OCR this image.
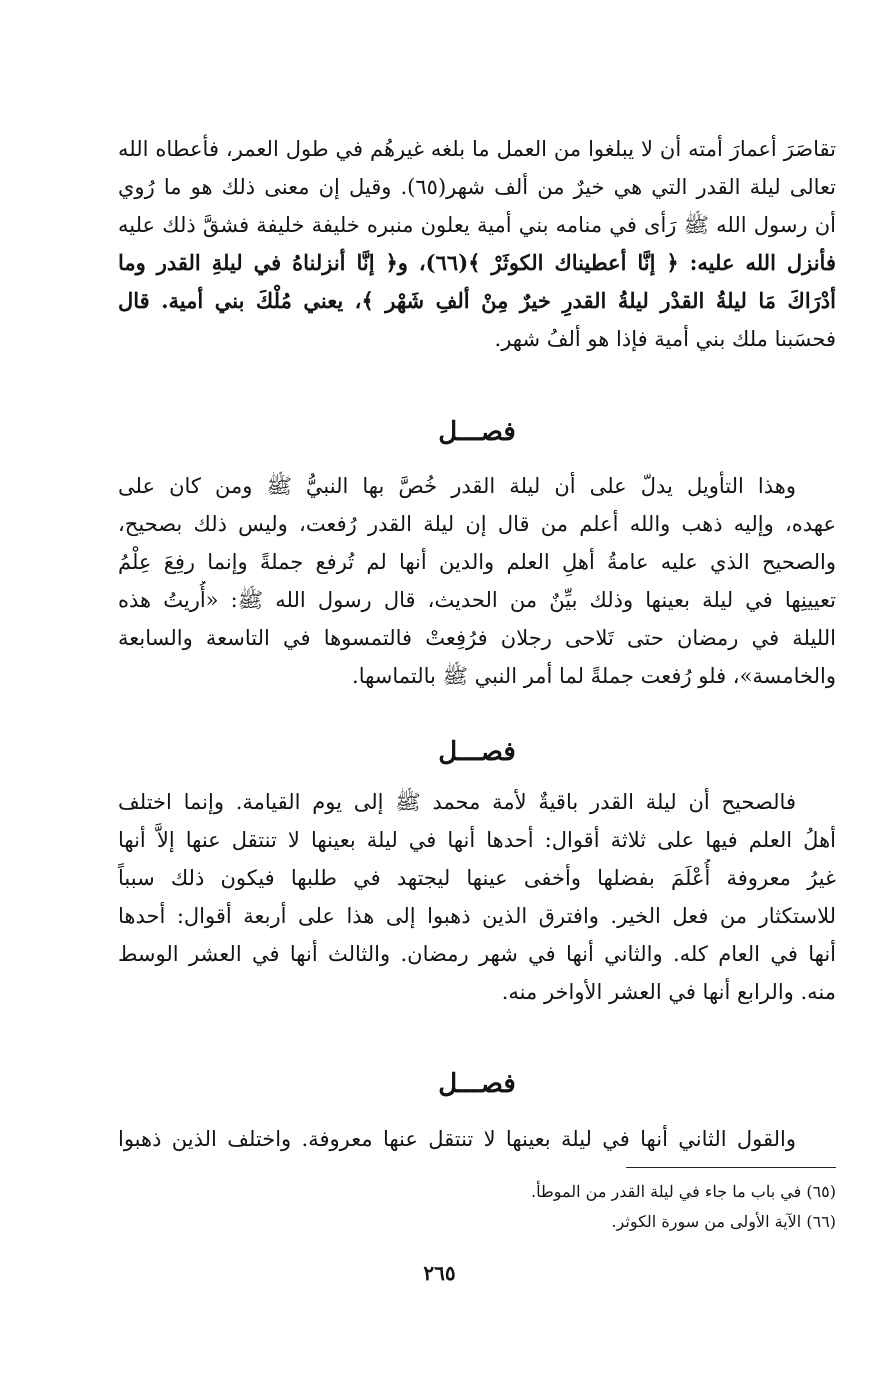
تقاصَرَ أعمارَ أمته أن لا يبلغوا من العمل ما بلغه غيرهُم في طول العمر، فأعطاه الله
تعالى ليلة القدر التي هي خيرٌ من ألف شهر(٦٥). وقيل إن معنى ذلك هو ما رُوي
أن رسول الله ﷺ رَأى في منامه بني أمية يعلون منبره خليفة خليفة فشقَّ ذلك عليه
فأنزل الله عليه: ﴿ إنَّا أعطيناك الكوثَرْ ﴾(٦٦)، و﴿ إنَّا أنزلناهُ في ليلةِ القدر وما
أدْرَاكَ مَا ليلةُ القدْر ليلةُ القدرِ خيرٌ مِنْ ألفِ شَهْر ﴾، يعني مُلْكَ بني أمية. قال
فحسَبنا ملك بني أمية فإذا هو ألفُ شهر.
فصـــل
وهذا التأويل يدلّ على أن ليلة القدر خُصَّ بها النبيُّ ﷺ ومن كان على
عهده، وإليه ذهب والله أعلم من قال إن ليلة القدر رُفعت، وليس ذلك بصحيح،
والصحيح الذي عليه عامةُ أهلِ العلم والدين أنها لم تُرفع جملةً وإنما رفِعَ عِلْمُ
تعيينِها في ليلة بعينها وذلك بيِّنٌ من الحديث، قال رسول الله ﷺ: «أُريتُ هذه
الليلة في رمضان حتى تَلاحى رجلان فرُفِعتْ فالتمسوها في التاسعة والسابعة
والخامسة»، فلو رُفعت جملةً لما أمر النبي ﷺ بالتماسها.
فصـــل
فالصحيح أن ليلة القدر باقيةٌ لأمة محمد ﷺ إلى يوم القيامة. وإنما اختلف
أهلُ العلم فيها على ثلاثة أقوال: أحدها أنها في ليلة بعينها لا تنتقل عنها إلاَّ أنها
غيرُ معروفة أُعْلَمَ بفضلها وأخفى عينها ليجتهد في طلبها فيكون ذلك سبباً
للاستكثار من فعل الخير. وافترق الذين ذهبوا إلى هذا على أربعة أقوال: أحدها
أنها في العام كله. والثاني أنها في شهر رمضان. والثالث أنها في العشر الوسط
منه. والرابع أنها في العشر الأواخر منه.
فصـــل
والقول الثاني أنها في ليلة بعينها لا تنتقل عنها معروفة. واختلف الذين ذهبوا
(٦٥) في باب ما جاء في ليلة القدر من الموطأ.
(٦٦) الآية الأولى من سورة الكوثر.
٢٦٥
